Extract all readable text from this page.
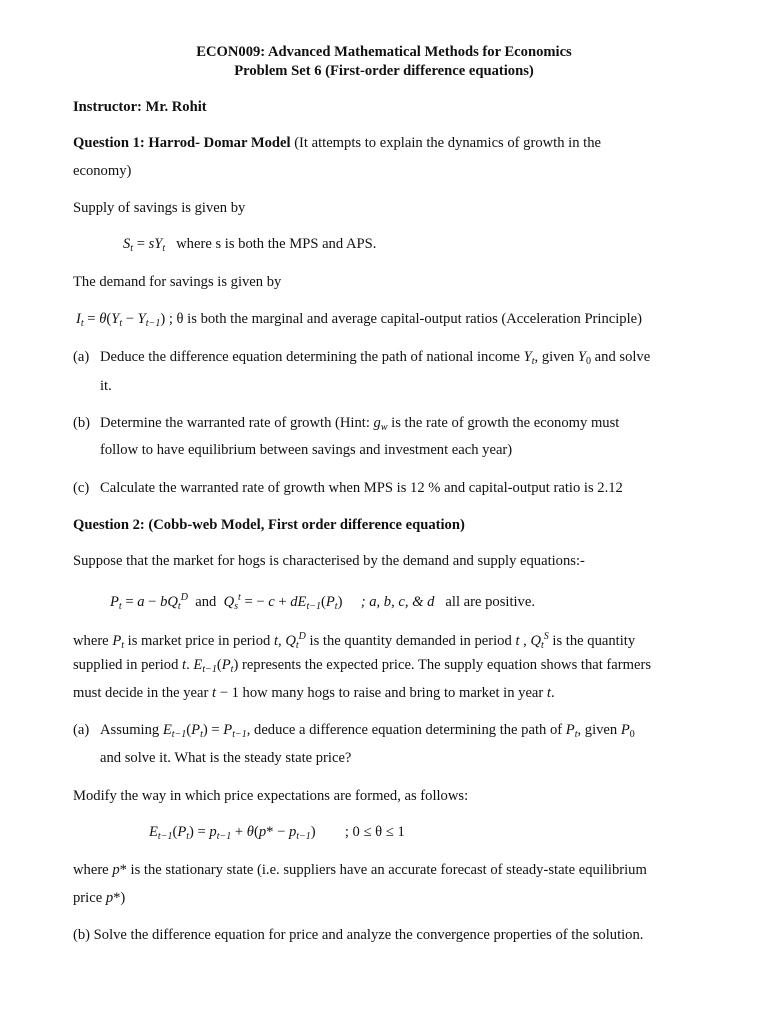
ECON009: Advanced Mathematical Methods for Economics
Problem Set 6 (First-order difference equations)
Instructor: Mr. Rohit
Question 1: Harrod- Domar Model (It attempts to explain the dynamics of growth in the
economy)
Supply of savings is given by
$S_t = sY_t$ where s is both the MPS and APS.
The demand for savings is given by
$I_t = \theta(Y_t - Y_{t-1})$ ; θ is both the marginal and average capital-output ratios (Acceleration Principle)
(a) Deduce the difference equation determining the path of national income $Y_t$, given $Y_0$ and solve
it.
(b) Determine the warranted rate of growth (Hint: $g_w$ is the rate of growth the economy must
follow to have equilibrium between savings and investment each year)
(c) Calculate the warranted rate of growth when MPS is 12 % and capital-output ratio is 2.12
Question 2: (Cobb-web Model, First order difference equation)
Suppose that the market for hogs is characterised by the demand and supply equations:-
$P_t = a - bQ_t^D$ and $Q_s^t$ = − $c + dE_{t-1}(P_t)$     ; a, b, c, & d all are positive.
where $P_t$ is market price in period t, $Q_t^D$ is the quantity demanded in period t , $Q_t^S$ is the quantity
supplied in period t. $E_{t-1}(P_t)$ represents the expected price. The supply equation shows that farmers
must decide in the year t − 1 how many hogs to raise and bring to market in year t.
(a) Assuming $E_{t-1}(P_t) = P_{t-1}$, deduce a difference equation determining the path of $P_t$, given $P_0$
and solve it. What is the steady state price?
Modify the way in which price expectations are formed, as follows:
$E_{t-1}(P_t) = p_{t-1} + \theta(p* - p_{t-1})$        ; 0 ≤ θ ≤ 1
where p* is the stationary state (i.e. suppliers have an accurate forecast of steady-state equilibrium
price p*)
(b) Solve the difference equation for price and analyze the convergence properties of the solution.
